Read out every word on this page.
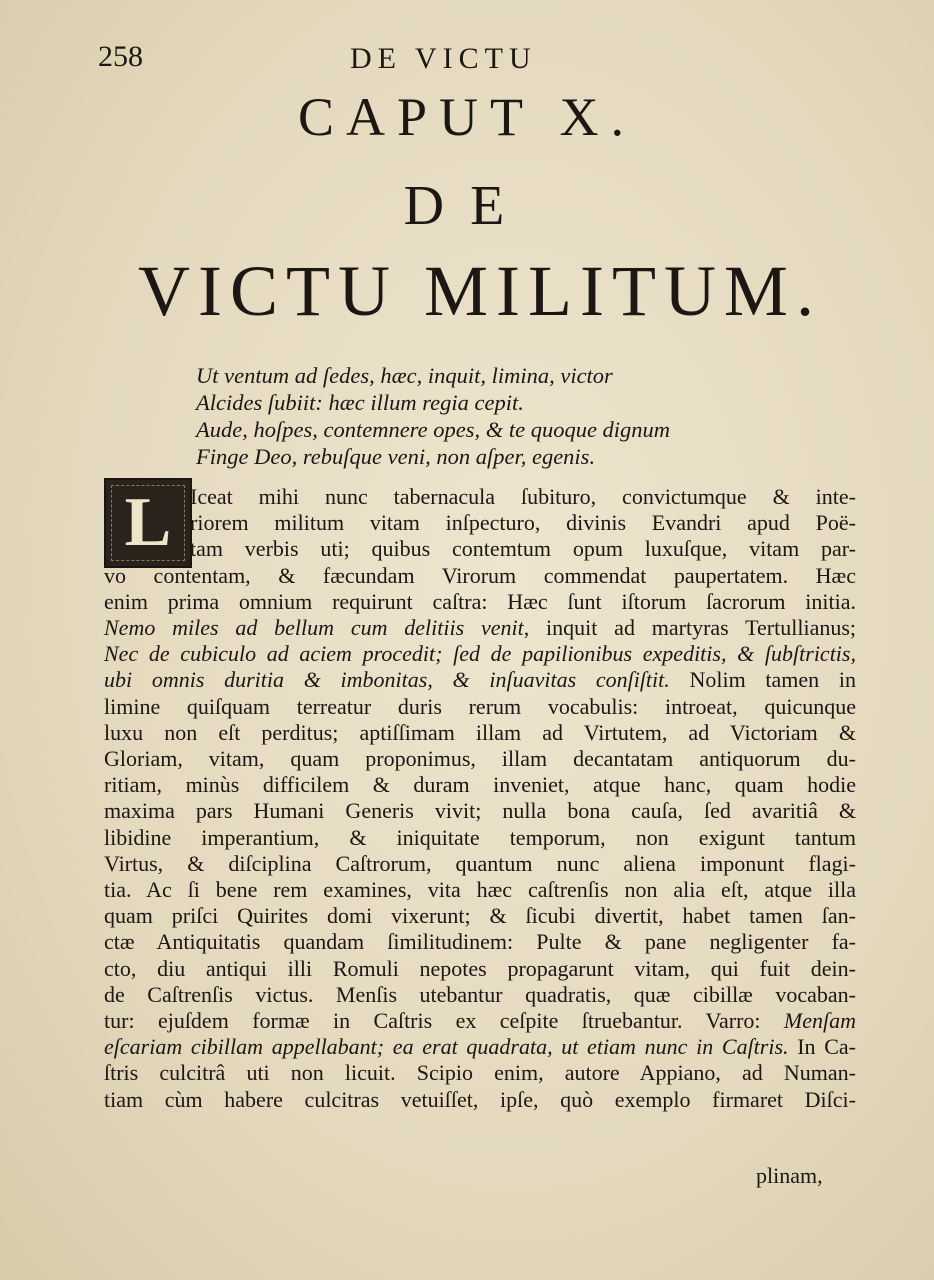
258	DE VICTU
CAPUT X.
DE
VICTU MILITUM.
Ut ventum ad ſedes, hæc, inquit, limina, victor
Alcides ſubiit: hæc illum regia cepit.
Aude, hoſpes, contemnere opes, & te quoque dignum
Finge Deo, rebuſque veni, non aſper, egenis.
L Iceat mihi nunc tabernacula ſubituro, convictumque & inte-
riorem militum vitam inſpecturo, divinis Evandri apud Poë-
tam verbis uti; quibus contemtum opum luxuſque, vitam par-
vo contentam, & fæcundam Virorum commendat paupertatem. Hæc
enim prima omnium requirunt caſtra: Hæc ſunt iſtorum ſacrorum initia.
Nemo miles ad bellum cum delitiis venit, inquit ad martyras Tertullianus;
Nec de cubiculo ad aciem procedit; ſed de papilionibus expeditis, & ſubſtrictis,
ubi omnis duritia & imbonitas, & inſuavitas conſiſtit. Nolim tamen in
limine quiſquam terreatur duris rerum vocabulis: introeat, quicunque
luxu non eſt perditus; aptiſſimam illam ad Virtutem, ad Victoriam &
Gloriam, vitam, quam proponimus, illam decantatam antiquorum du-
ritiam, minùs difficilem & duram inveniet, atque hanc, quam hodie
maxima pars Humani Generis vivit; nulla bona cauſa, ſed avaritiâ &
libidine imperantium, & iniquitate temporum, non exigunt tantum
Virtus, & diſciplina Caſtrorum, quantum nunc aliena imponunt flagi-
tia. Ac ſi bene rem examines, vita hæc caſtrenſis non alia eſt, atque illa
quam priſci Quirites domi vixerunt; & ſicubi divertit, habet tamen ſan-
ctæ Antiquitatis quandam ſimilitudinem: Pulte & pane negligenter fa-
cto, diu antiqui illi Romuli nepotes propagarunt vitam, qui fuit dein-
de Caſtrenſis victus. Menſis utebantur quadratis, quæ cibillæ vocaban-
tur: ejuſdem formæ in Caſtris ex ceſpite ſtruebantur. Varro: Menſam
eſcariam cibillam appellabant; ea erat quadrata, ut etiam nunc in Caſtris. In Ca-
ſtris culcitrâ uti non licuit. Scipio enim, autore Appiano, ad Numan-
tiam cùm habere culcitras vetuiſſet, ipſe, quò exemplo firmaret Diſci-
plinam,
